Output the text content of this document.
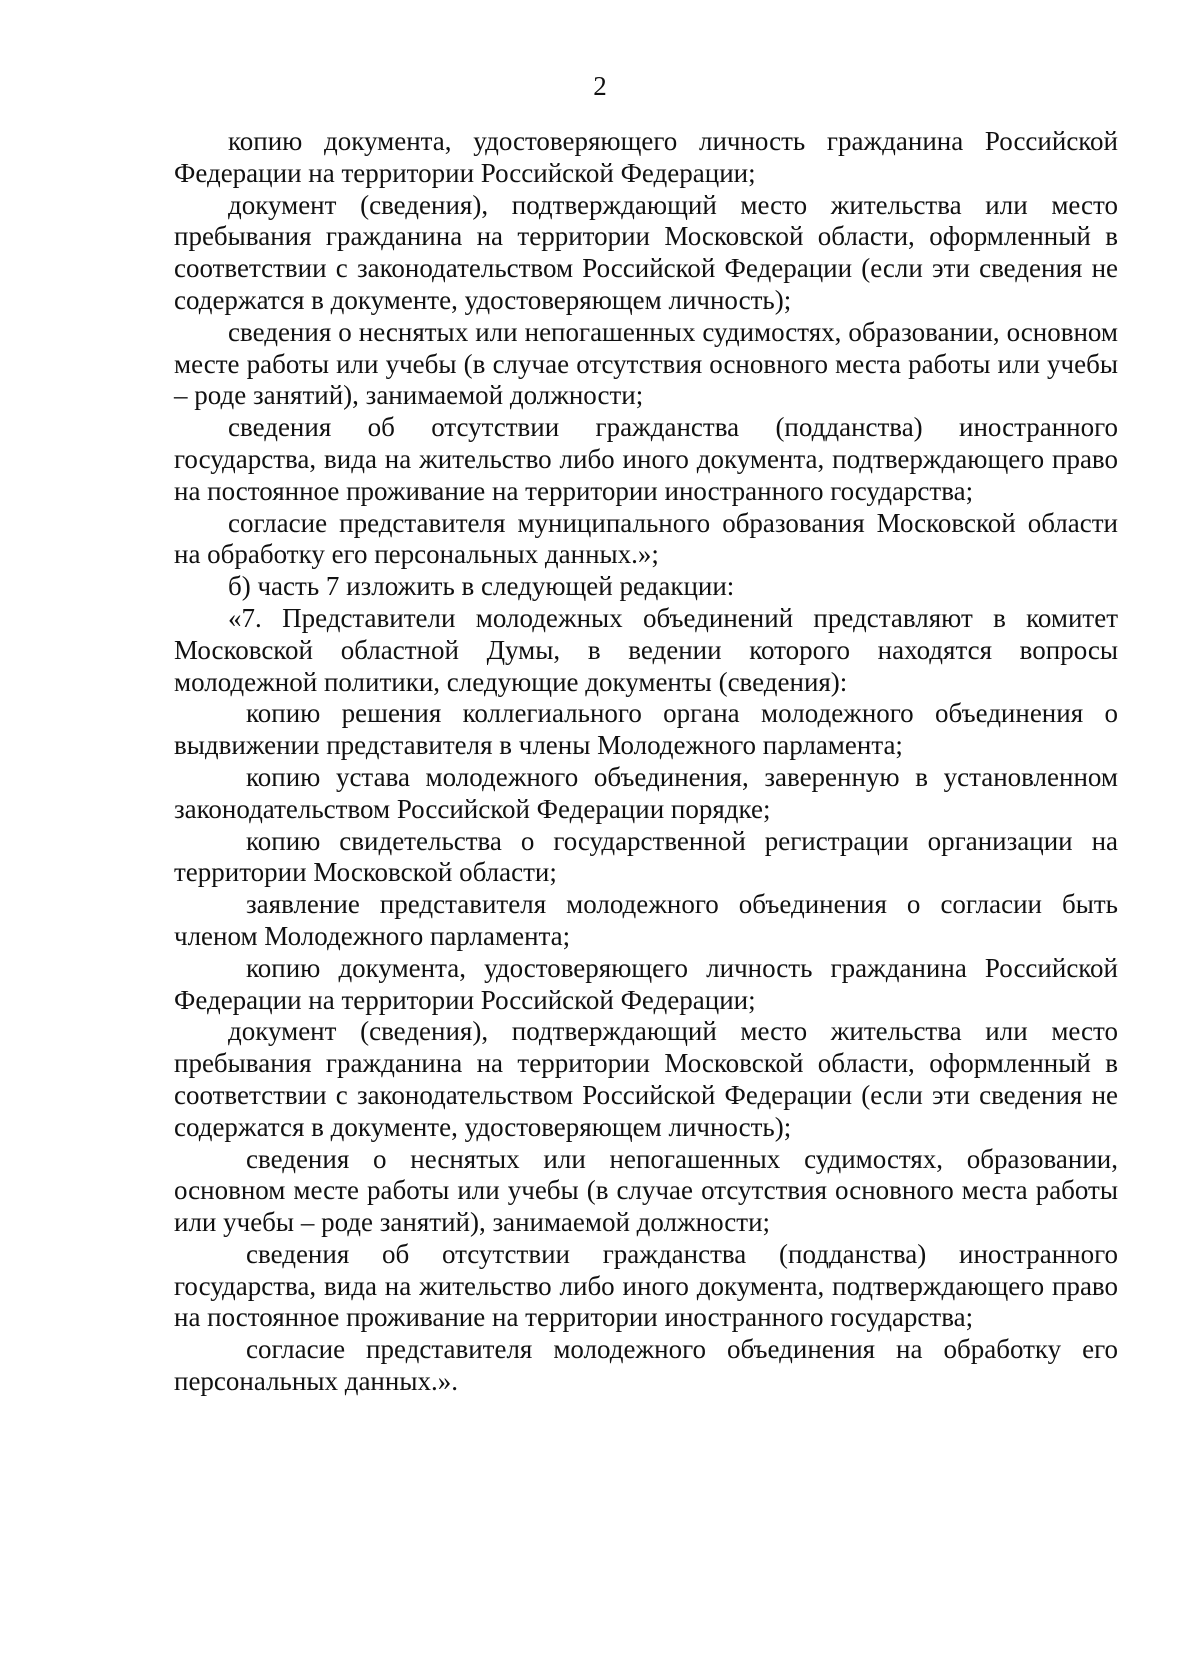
2

копию документа, удостоверяющего личность гражданина Российской Федерации на территории Российской Федерации;

документ (сведения), подтверждающий место жительства или место пребывания гражданина на территории Московской области, оформленный в соответствии с законодательством Российской Федерации (если эти сведения не содержатся в документе, удостоверяющем личность);

сведения о неснятых или непогашенных судимостях, образовании, основном месте работы или учебы (в случае отсутствия основного места работы или учебы – роде занятий), занимаемой должности;

сведения об отсутствии гражданства (подданства) иностранного государства, вида на жительство либо иного документа, подтверждающего право на постоянное проживание на территории иностранного государства;

согласие представителя муниципального образования Московской области на обработку его персональных данных.»;

б) часть 7 изложить в следующей редакции:

«7. Представители молодежных объединений представляют в комитет Московской областной Думы, в ведении которого находятся вопросы молодежной политики, следующие документы (сведения):

копию решения коллегиального органа молодежного объединения о выдвижении представителя в члены Молодежного парламента;

копию устава молодежного объединения, заверенную в установленном законодательством Российской Федерации порядке;

копию свидетельства о государственной регистрации организации на территории Московской области;

заявление представителя молодежного объединения о согласии быть членом Молодежного парламента;

копию документа, удостоверяющего личность гражданина Российской Федерации на территории Российской Федерации;

документ (сведения), подтверждающий место жительства или место пребывания гражданина на территории Московской области, оформленный в соответствии с законодательством Российской Федерации (если эти сведения не содержатся в документе, удостоверяющем личность);

сведения о неснятых или непогашенных судимостях, образовании, основном месте работы или учебы (в случае отсутствия основного места работы или учебы – роде занятий), занимаемой должности;

сведения об отсутствии гражданства (подданства) иностранного государства, вида на жительство либо иного документа, подтверждающего право на постоянное проживание на территории иностранного государства;

согласие представителя молодежного объединения на обработку его персональных данных.».
